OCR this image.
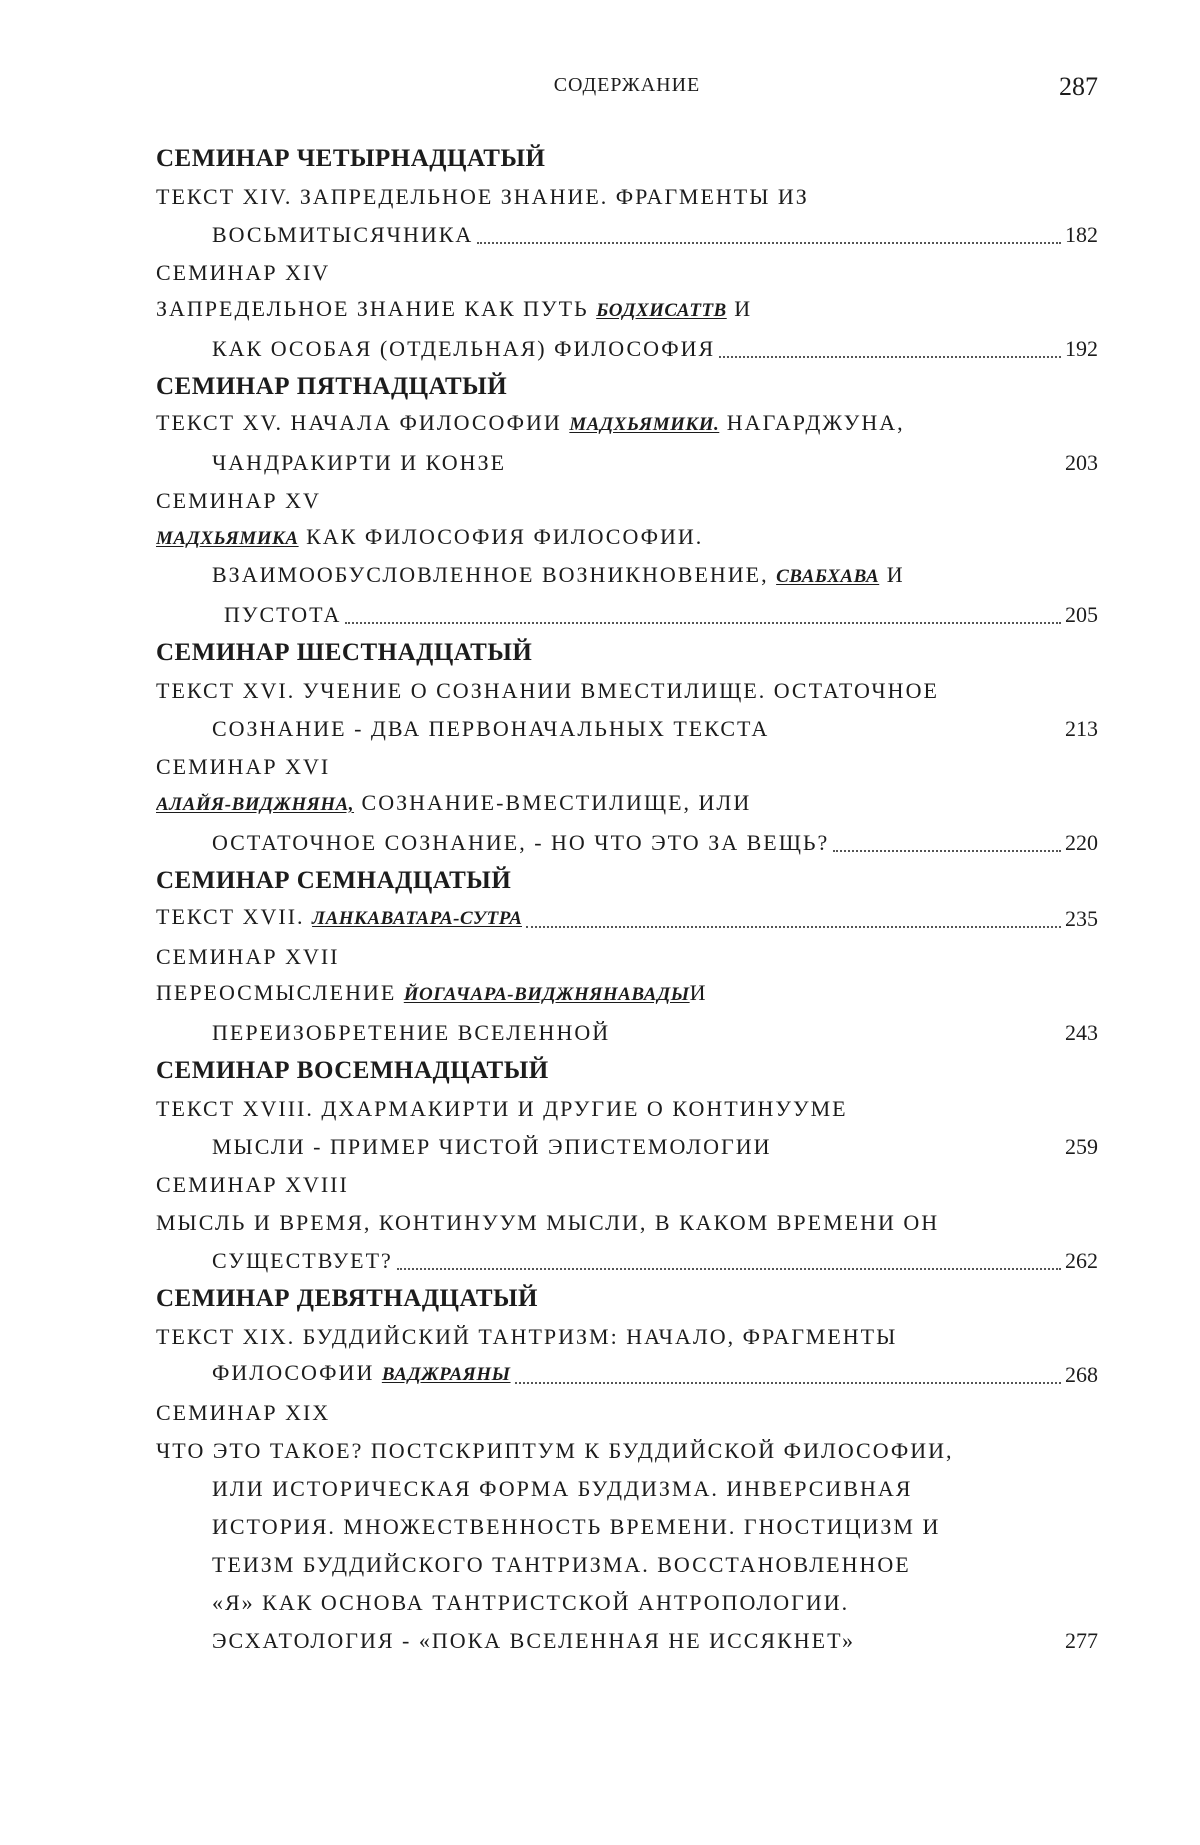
СОДЕРЖАНИЕ	287
СЕМИНАР ЧЕТЫРНАДЦАТЫЙ
ТЕКСТ XIV. ЗАПРЕДЕЛЬНОЕ ЗНАНИЕ. ФРАГМЕНТЫ ИЗ
ВОСЬМИТЫСЯЧНИКА	182
СЕМИНАР XIV
ЗАПРЕДЕЛЬНОЕ ЗНАНИЕ КАК ПУТЬ БОДХИСАТТВ И
КАК ОСОБАЯ (ОТДЕЛЬНАЯ) ФИЛОСОФИЯ	192
СЕМИНАР ПЯТНАДЦАТЫЙ
ТЕКСТ XV. НАЧАЛА ФИЛОСОФИИ МАДХЬЯМИКИ. НАГАРДЖУНА,
ЧАНДРАКИРТИ И КОНЗЕ	203
СЕМИНАР XV
МАДХЬЯМИКА КАК ФИЛОСОФИЯ ФИЛОСОФИИ.
ВЗАИМООБУСЛОВЛЕННОЕ ВОЗНИКНОВЕНИЕ, СВАБХАВА И
ПУСТОТА	205
СЕМИНАР ШЕСТНАДЦАТЫЙ
ТЕКСТ XVI. УЧЕНИЕ О СОЗНАНИИ ВМЕСТИЛИЩЕ. ОСТАТОЧНОЕ
СОЗНАНИЕ - ДВА ПЕРВОНАЧАЛЬНЫХ ТЕКСТА	213
СЕМИНАР XVI
АЛАЙЯ-ВИДЖНЯНА, СОЗНАНИЕ-ВМЕСТИЛИЩЕ, ИЛИ
ОСТАТОЧНОЕ СОЗНАНИЕ, - НО ЧТО ЭТО ЗА ВЕЩЬ?	220
СЕМИНАР СЕМНАДЦАТЫЙ
ТЕКСТ XVII. ЛАНКАВАТАРА-СУТРА	235
СЕМИНАР XVII
ПЕРЕОСМЫСЛЕНИЕ ЙОГАЧАРА-ВИДЖНЯНАВАДЫИ
ПЕРЕИЗОБРЕТЕНИЕ ВСЕЛЕННОЙ	243
СЕМИНАР ВОСЕМНАДЦАТЫЙ
ТЕКСТ XVIII. ДХАРМАКИРТИ И ДРУГИЕ О КОНТИНУУМЕ
МЫСЛИ - ПРИМЕР ЧИСТОЙ ЭПИСТЕМОЛОГИИ	259
СЕМИНАР XVIII
МЫСЛЬ И ВРЕМЯ, КОНТИНУУМ МЫСЛИ, В КАКОМ ВРЕМЕНИ ОН
СУЩЕСТВУЕТ?	262
СЕМИНАР ДЕВЯТНАДЦАТЫЙ
ТЕКСТ XIX. БУДДИЙСКИЙ ТАНТРИЗМ: НАЧАЛО, ФРАГМЕНТЫ
ФИЛОСОФИИ ВАДЖРАЯНЫ	268
СЕМИНАР XIX
ЧТО ЭТО ТАКОЕ? ПОСТСКРИПТУМ К БУДДИЙСКОЙ ФИЛОСОФИИ,
ИЛИ ИСТОРИЧЕСКАЯ ФОРМА БУДДИЗМА. ИНВЕРСИВНАЯ
ИСТОРИЯ. МНОЖЕСТВЕННОСТЬ ВРЕМЕНИ. ГНОСТИЦИЗМ И
ТЕИЗМ БУДДИЙСКОГО ТАНТРИЗМА. ВОССТАНОВЛЕННОЕ
«Я» КАК ОСНОВА ТАНТРИСТСКОЙ АНТРОПОЛОГИИ.
ЭСХАТОЛОГИЯ - «ПОКА ВСЕЛЕННАЯ НЕ ИССЯКНЕТ»	277
